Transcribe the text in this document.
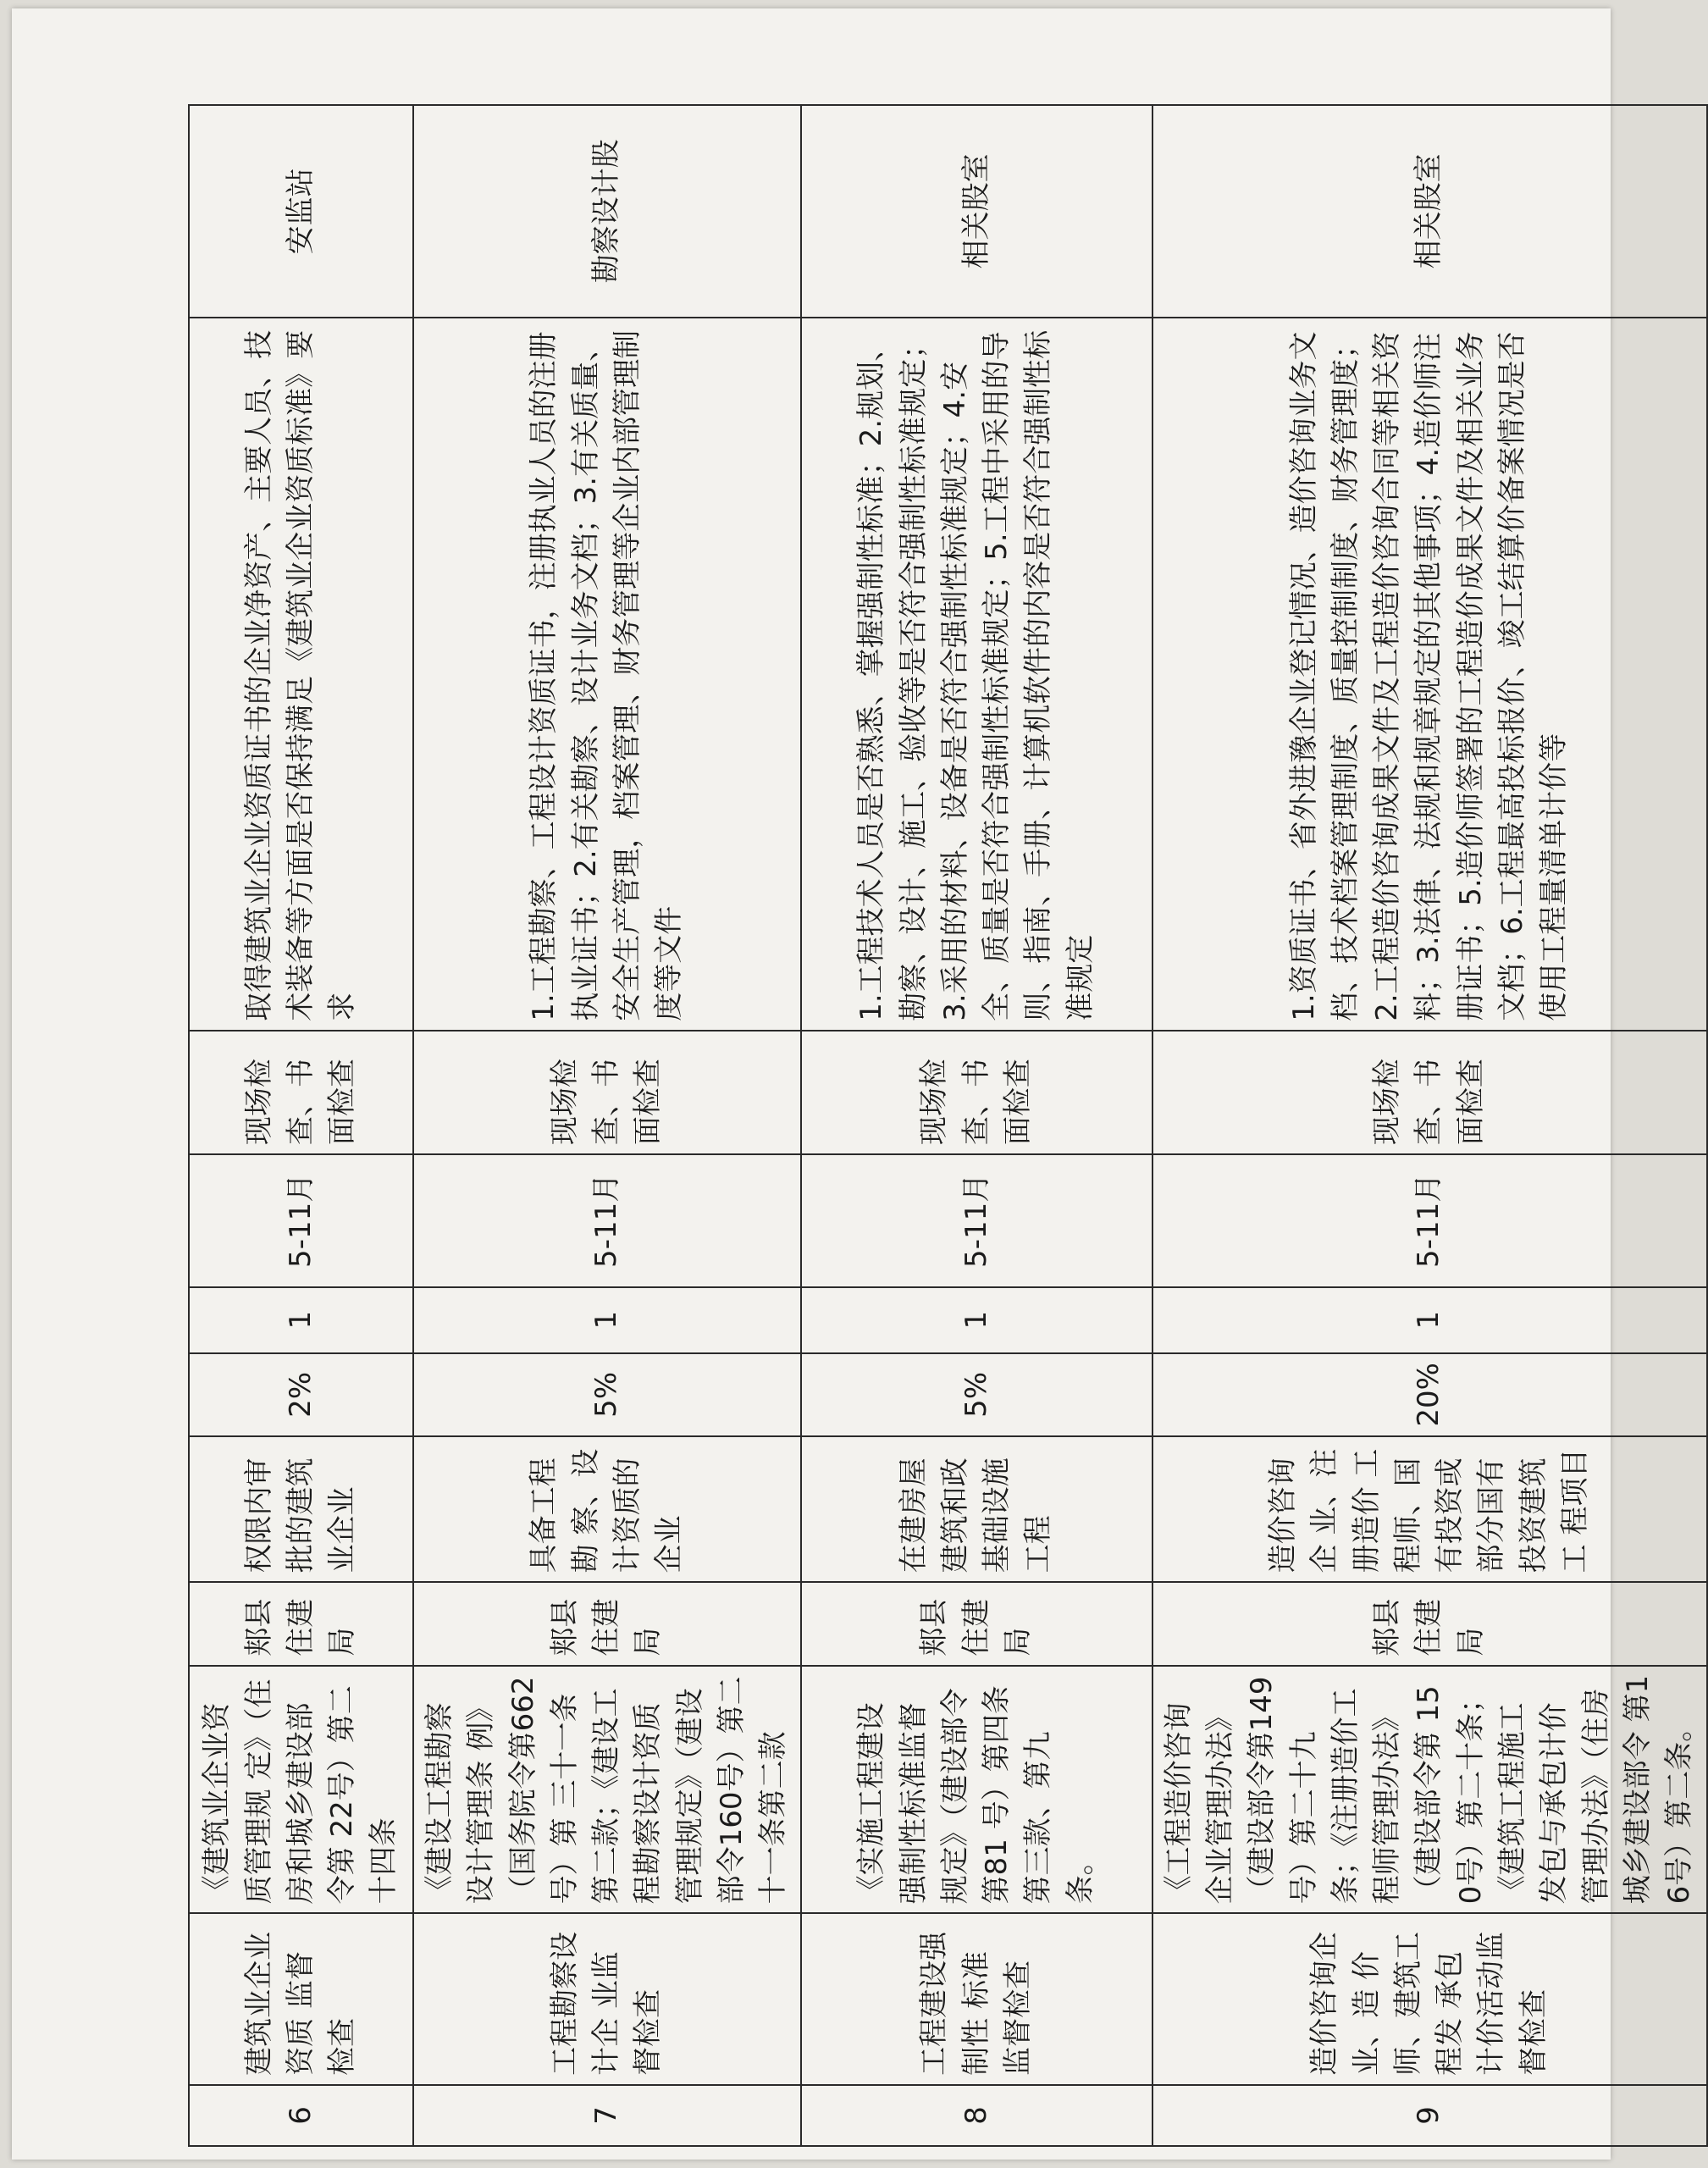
6	建筑业企业资质 监督检查	《建筑业企业资质管理规 定》（住房和城乡建设部令第 22号）第二十四条	郏县住建局	权限内审批的建筑业企业	2%	1	5-11月	现场检查、书面检查	取得建筑业企业资质证书的企业净资产、主要人员、技术装备等方面是否保持满足《建筑业企业资质标准》要求	安监站
7	工程勘察设计企 业监督检查	《建设工程勘察设计管理条 例》（国务院令第662号）第 三十一条第二款；《建设工 程勘察设计资质管理规定》（建设部令160号）第二十一条第二款	郏县住建局	具备工程勘 察、设计资质的企业	5%	1	5-11月	现场检查、书面检查	1.工程勘察、工程设计资质证书，注册执业人员的注册执业证书；2.有关勘察、设计业务文档；3.有关质量、安全生产管理，档案管理、财务管理等企业内部管理制度等文件	勘察设计股
8	工程建设强制性 标准监督检查	《实施工程建设强制性标准监督规定》（建设部令第81 号）第四条第三款、第九条。	郏县住建局	在建房屋建筑和政基础设施工程	5%	1	5-11月	现场检查、书面检查	1.工程技术人员是否熟悉、掌握强制性标准；2.规划、勘察、设计、施工、验收等是否符合强制性标准规定；3.采用的材料、设备是否符合强制性标准规定；4.安全、质量是否符合强制性标准规定；5.工程中采用的导则、指南、手册、计算机软件的内容是否符合强制性标准规定	相关股室
9	造价咨询企业、造 价师、建筑工程发 承包计价活动监督检查	《工程造价咨询企业管理办法》（建设部令第149号）第二十九条；《注册造价工程师管理办法》（建设部令第 150号）第二十条；《建筑工程施工发包与承包计价管理办法》（住房城乡建设部令 第16号）第二条。	郏县住建局	造价咨询企 业、注册造价 工程师、国有投资或部分国有投资建筑工 程项目	20%	1	5-11月	现场检查、书面检查	1.资质证书、省外进豫企业登记情况、造价咨询业务文档、技术档案管理制度、质量控制制度、财务管理度；2.工程造价咨询成果文件及工程造价咨询合同等相关资料；3.法律、法规和规章规定的其他事项；4.造价师注册证书；5.造价师签署的工程造价成果文件及相关业务文档；6.工程最高投标报价、竣工结算价备案情况是否使用工程量清单计价等	相关股室
